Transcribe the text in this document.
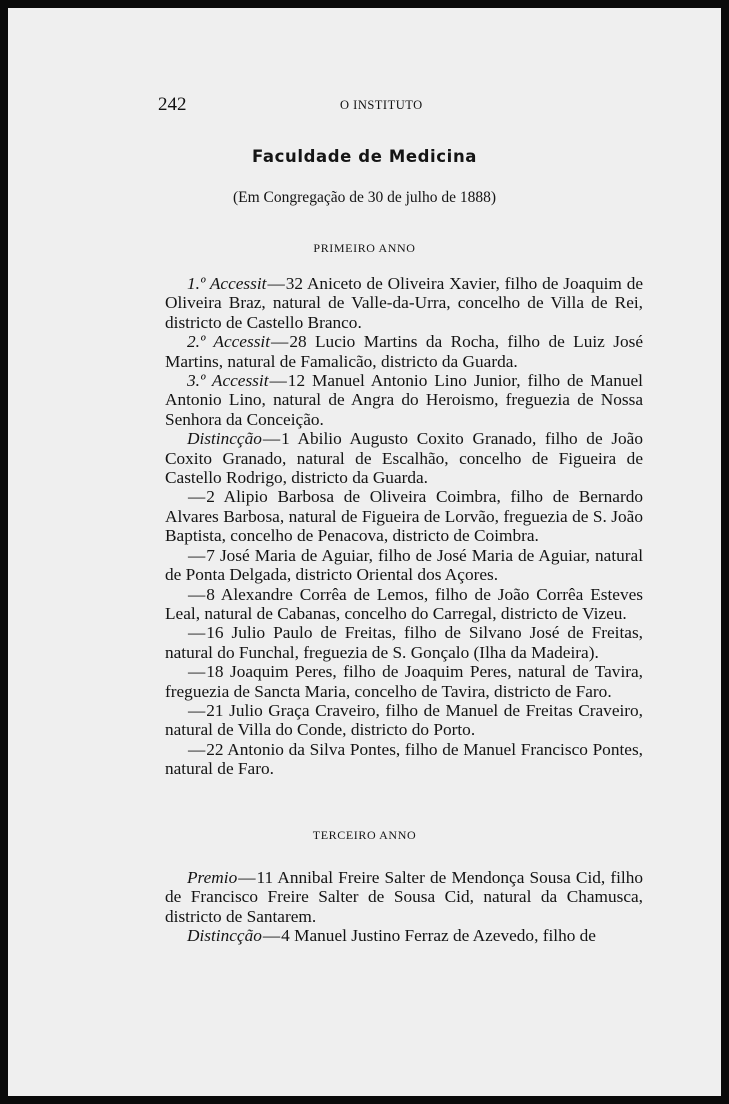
242	O INSTITUTO
Faculdade de Medicina
(Em Congregação de 30 de julho de 1888)
PRIMEIRO ANNO

1.º Accessit—32 Aniceto de Oliveira Xavier, filho de Joaquim de Oliveira Braz, natural de Valle-da-Urra, concelho de Villa de Rei, districto de Castello Branco.

2.º Accessit—28 Lucio Martins da Rocha, filho de Luiz José Martins, natural de Famalicão, districto da Guarda.

3.º Accessit—12 Manuel Antonio Lino Junior, filho de Manuel Antonio Lino, natural de Angra do Heroismo, freguezia de Nossa Senhora da Conceição.

Distincção—1 Abilio Augusto Coxito Granado, filho de João Coxito Granado, natural de Escalhão, concelho de Figueira de Castello Rodrigo, districto da Guarda.

—2 Alipio Barbosa de Oliveira Coimbra, filho de Bernardo Alvares Barbosa, natural de Figueira de Lorvão, freguezia de S. João Baptista, concelho de Penacova, districto de Coimbra.

—7 José Maria de Aguiar, filho de José Maria de Aguiar, natural de Ponta Delgada, districto Oriental dos Açores.

—8 Alexandre Corrêa de Lemos, filho de João Corrêa Esteves Leal, natural de Cabanas, concelho do Carregal, districto de Vizeu.

—16 Julio Paulo de Freitas, filho de Silvano José de Freitas, natural do Funchal, freguezia de S. Gonçalo (Ilha da Madeira).

—18 Joaquim Peres, filho de Joaquim Peres, natural de Tavira, freguezia de Sancta Maria, concelho de Tavira, districto de Faro.

—21 Julio Graça Craveiro, filho de Manuel de Freitas Craveiro, natural de Villa do Conde, districto do Porto.

—22 Antonio da Silva Pontes, filho de Manuel Francisco Pontes, natural de Faro.

TERCEIRO ANNO

Premio—11 Annibal Freire Salter de Mendonça Sousa Cid, filho de Francisco Freire Salter de Sousa Cid, natural da Chamusca, districto de Santarem.

Distincção—4 Manuel Justino Ferraz de Azevedo, filho de
